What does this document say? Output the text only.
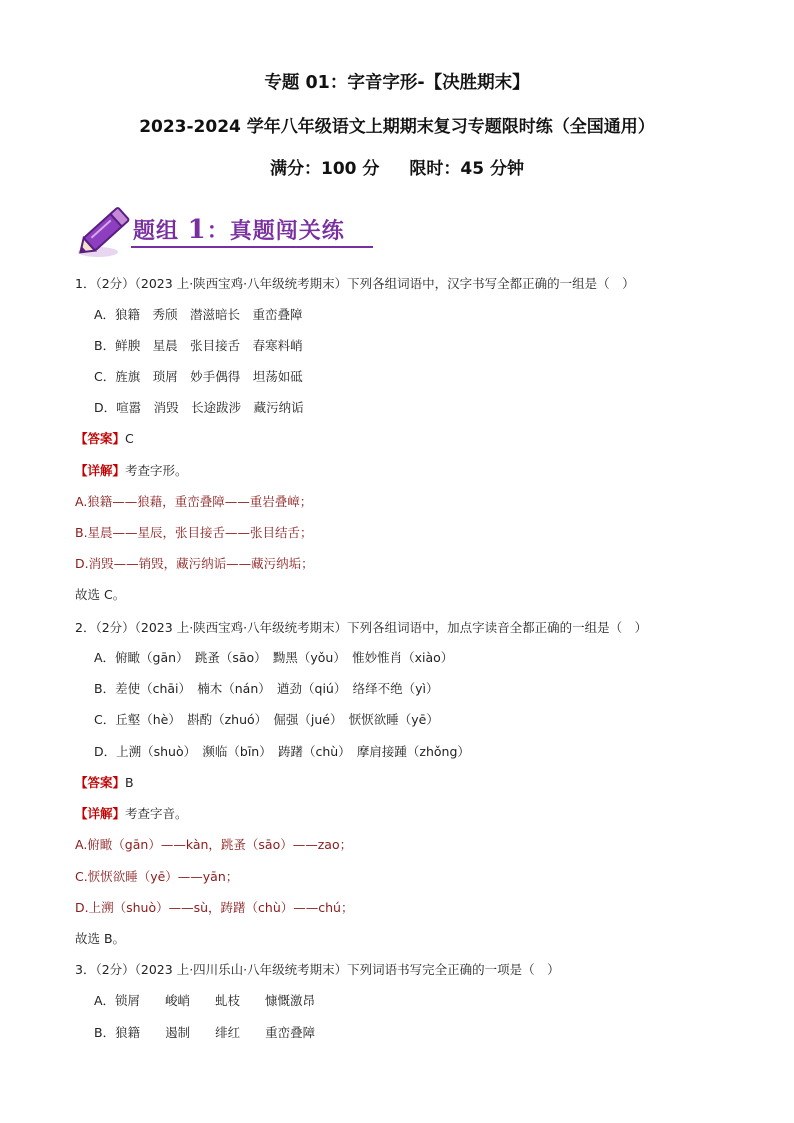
专题 01：字音字形-【决胜期末】
2023-2024 学年八年级语文上期期末复习专题限时练（全国通用）
满分：100 分 限时：45 分钟
题组 1：真题闯关练
1．（2分）（2023 上·陕西宝鸡·八年级统考期末）下列各组词语中，汉字书写全都正确的一组是（　）
A．狼籍　秀颀　潜滋暗长　重峦叠障
B．鲜腴　星晨　张目接舌　春寒料峭
C．旌旗　琐屑　妙手偶得　坦荡如砥
D．喧嚣　消毁　长途跋涉　藏污纳诟
【答案】C
【详解】考查字形。
A.狼籍——狼藉，重峦叠障——重岩叠嶂；
B.星晨——星辰，张目接舌——张目结舌；
D.消毁——销毁，藏污纳诟——藏污纳垢；
故选 C。
2．（2分）（2023 上·陕西宝鸡·八年级统考期末）下列各组词语中，加点字读音全都正确的一组是（　）
A．俯瞰（gān）　跳蚤（sāo）　黝黑（yǒu）　惟妙惟肖（xiào）
B．差使（chāi）　楠木（nán）　遒劲（qiú）　络绎不绝（yì）
C．丘壑（hè）　斟酌（zhuó）　倔强（jué）　恹恹欲睡（yē）
D．上溯（shuò）　濒临（bīn）　踌躇（chù）　摩肩接踵（zhǒng）
【答案】B
【详解】考查字音。
A.俯瞰（gān）——kàn，跳蚤（sāo）——zao；
C.恹恹欲睡（yē）——yān；
D.上溯（shuò）——sù，踌躇（chù）——chú；
故选 B。
3．（2分）（2023 上·四川乐山·八年级统考期末）下列词语书写完全正确的一项是（　）
A．锁屑　　峻峭　　虬枝　　慷慨激昂
B．狼籍　　遏制　　绯红　　重峦叠障
